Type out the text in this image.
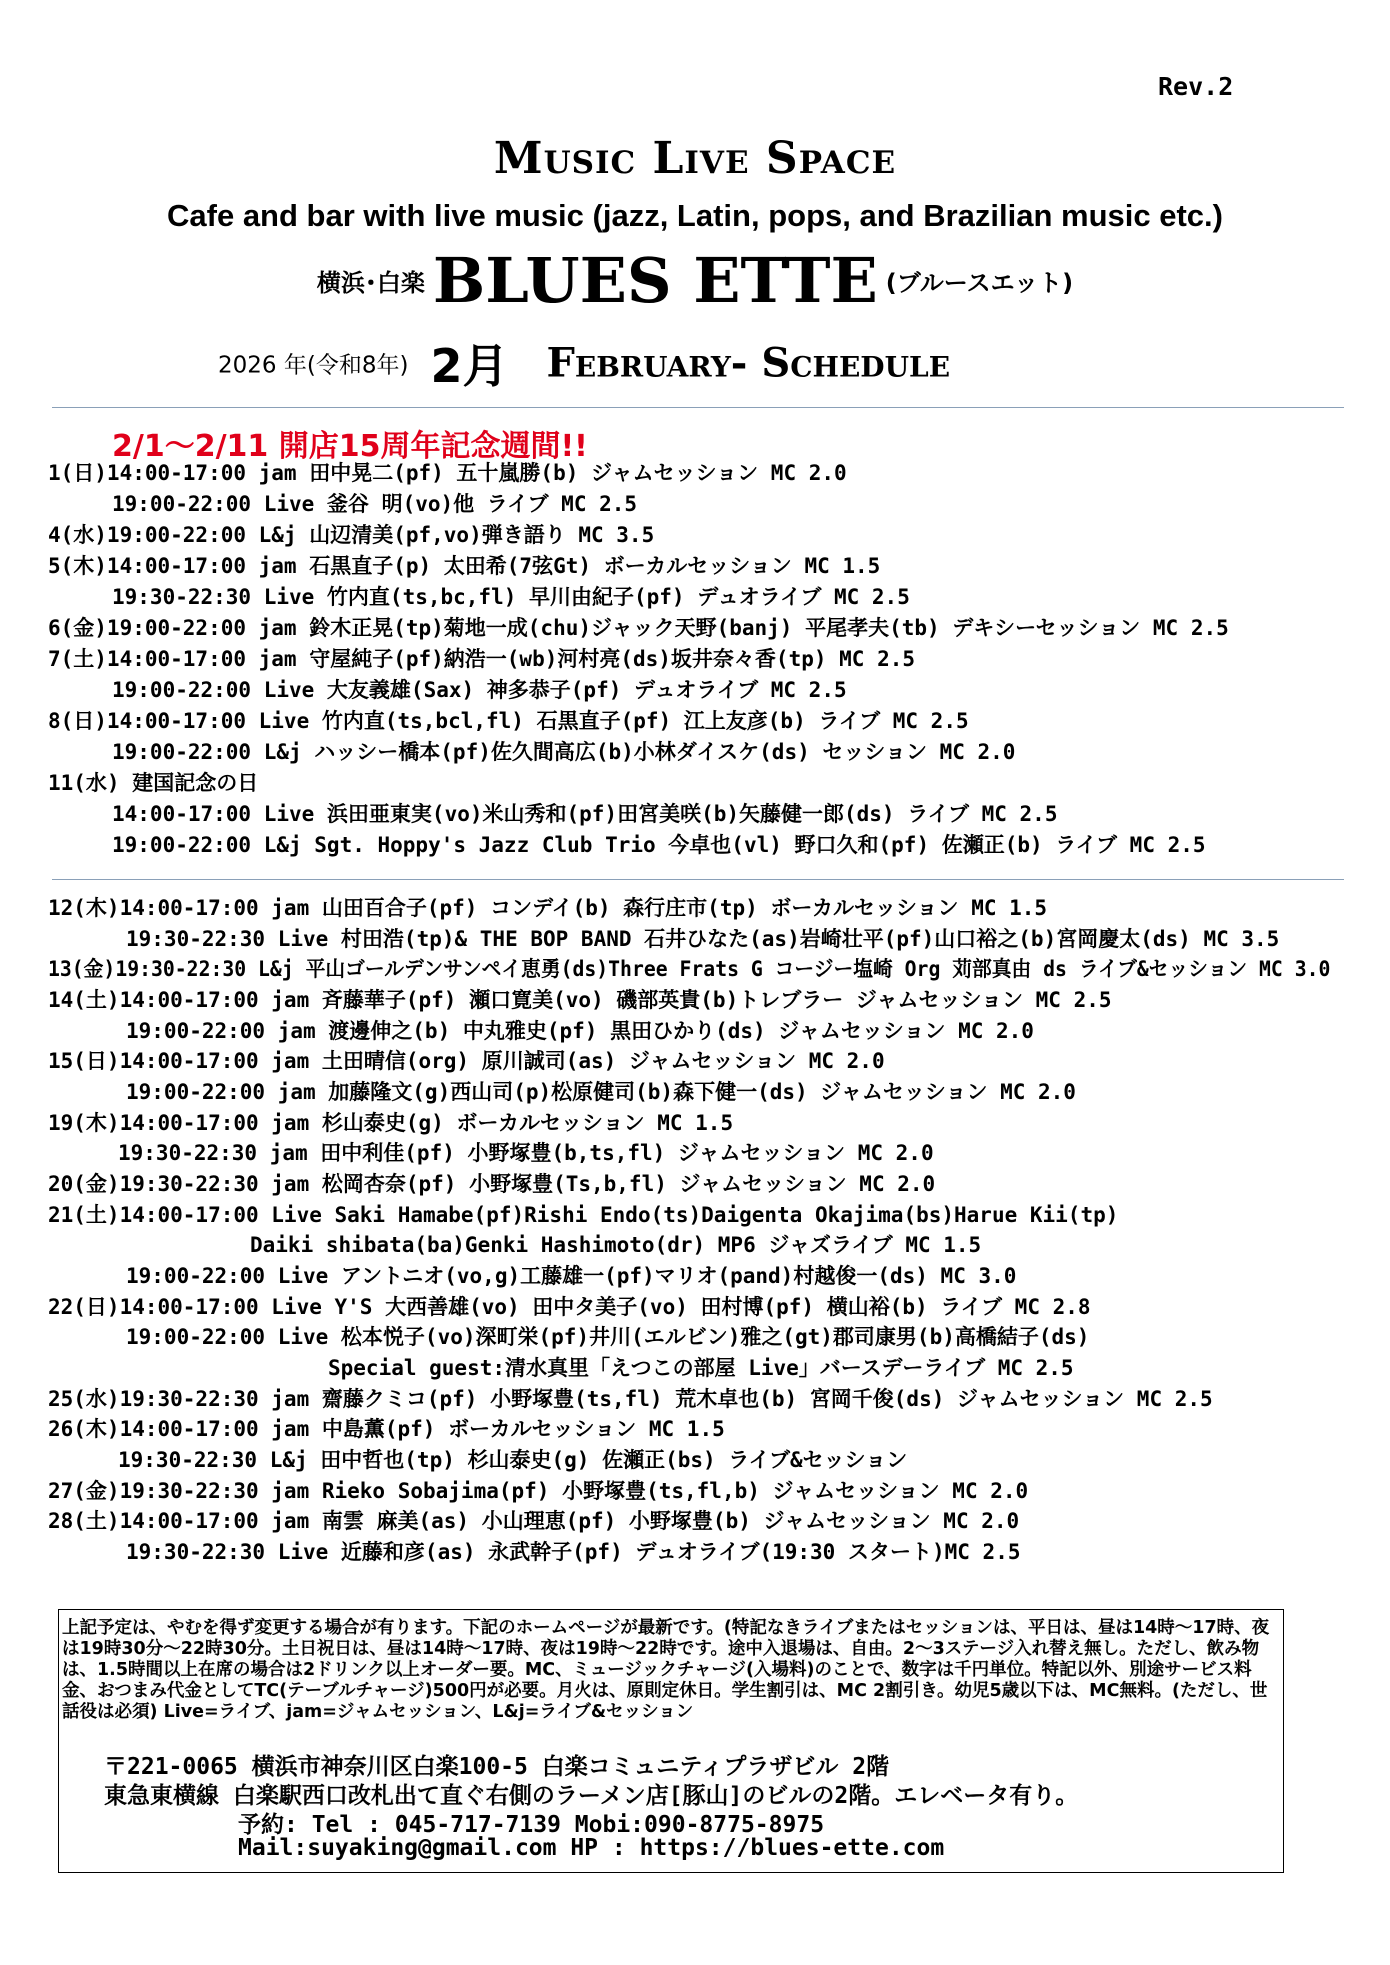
Rev.2
Music Live Space
Cafe and bar with live music (jazz, Latin, pops, and Brazilian music etc.)
横浜･白楽 BLUES ETTE (ブルースエット)
2026 年(令和8年) 2月 February- Schedule
2/1～2/11 開店15周年記念週間!!
1(日)14:00-17:00 jam 田中晃二(pf) 五十嵐勝(b) ジャムセッション MC 2.0
19:00-22:00 Live 釜谷 明(vo)他 ライブ MC 2.5
4(水)19:00-22:00 L&j 山辺清美(pf,vo)弾き語り MC 3.5
5(木)14:00-17:00 jam 石黒直子(p) 太田希(7弦Gt) ボーカルセッション MC 1.5
19:30-22:30 Live 竹内直(ts,bc,fl) 早川由紀子(pf) デュオライブ MC 2.5
6(金)19:00-22:00 jam 鈴木正晃(tp)菊地一成(chu)ジャック天野(banj) 平尾孝夫(tb) デキシーセッション MC 2.5
7(土)14:00-17:00 jam 守屋純子(pf)納浩一(wb)河村亮(ds)坂井奈々香(tp) MC 2.5
19:00-22:00 Live 大友義雄(Sax) 神多恭子(pf) デュオライブ MC 2.5
8(日)14:00-17:00 Live 竹内直(ts,bcl,fl) 石黒直子(pf) 江上友彦(b) ライブ MC 2.5
19:00-22:00 L&j ハッシー橋本(pf)佐久間高広(b)小林ダイスケ(ds) セッション MC 2.0
11(水) 建国記念の日
14:00-17:00 Live 浜田亜東実(vo)米山秀和(pf)田宮美咲(b)矢藤健一郎(ds) ライブ MC 2.5
19:00-22:00 L&j Sgt. Hoppy's Jazz Club Trio 今卓也(vl) 野口久和(pf) 佐瀬正(b) ライブ MC 2.5
12(木)14:00-17:00 jam 山田百合子(pf) コンデイ(b) 森行庄市(tp) ボーカルセッション MC 1.5
19:30-22:30 Live 村田浩(tp)& THE BOP BAND 石井ひなた(as)岩崎壮平(pf)山口裕之(b)宮岡慶太(ds) MC 3.5
13(金)19:30-22:30 L&j 平山ゴールデンサンペイ恵勇(ds)Three Frats G コージー塩崎 Org 苅部真由 ds ライブ&セッション MC 3.0
14(土)14:00-17:00 jam 斉藤華子(pf) 瀬口寛美(vo) 磯部英貴(b)トレブラー ジャムセッション MC 2.5
19:00-22:00 jam 渡邊伸之(b) 中丸雅史(pf) 黒田ひかり(ds) ジャムセッション MC 2.0
15(日)14:00-17:00 jam 土田晴信(org) 原川誠司(as) ジャムセッション MC 2.0
19:00-22:00 jam 加藤隆文(g)西山司(p)松原健司(b)森下健一(ds) ジャムセッション MC 2.0
19(木)14:00-17:00 jam 杉山泰史(g) ボーカルセッション MC 1.5
19:30-22:30 jam 田中利佳(pf) 小野塚豊(b,ts,fl) ジャムセッション MC 2.0
20(金)19:30-22:30 jam 松岡杏奈(pf) 小野塚豊(Ts,b,fl) ジャムセッション MC 2.0
21(土)14:00-17:00 Live Saki Hamabe(pf)Rishi Endo(ts)Daigenta Okajima(bs)Harue Kii(tp)
Daiki shibata(ba)Genki Hashimoto(dr) MP6 ジャズライブ MC 1.5
19:00-22:00 Live アントニオ(vo,g)工藤雄一(pf)マリオ(pand)村越俊一(ds) MC 3.0
22(日)14:00-17:00 Live Y'S 大西善雄(vo) 田中タ美子(vo) 田村博(pf) 横山裕(b) ライブ MC 2.8
19:00-22:00 Live 松本悦子(vo)深町栄(pf)井川(エルビン)雅之(gt)郡司康男(b)高橋結子(ds)
Special guest:清水真里「えつこの部屋 Live」バースデーライブ MC 2.5
25(水)19:30-22:30 jam 齋藤クミコ(pf) 小野塚豊(ts,fl) 荒木卓也(b) 宮岡千俊(ds) ジャムセッション MC 2.5
26(木)14:00-17:00 jam 中島薫(pf) ボーカルセッション MC 1.5
19:30-22:30 L&j 田中哲也(tp) 杉山泰史(g) 佐瀬正(bs) ライブ&セッション
27(金)19:30-22:30 jam Rieko Sobajima(pf) 小野塚豊(ts,fl,b) ジャムセッション MC 2.0
28(土)14:00-17:00 jam 南雲 麻美(as) 小山理恵(pf) 小野塚豊(b) ジャムセッション MC 2.0
19:30-22:30 Live 近藤和彦(as) 永武幹子(pf) デュオライブ(19:30 スタート)MC 2.5
上記予定は、やむを得ず変更する場合が有ります。下記のホームページが最新です。(特記なきライブまたはセッションは、平日は、昼は14時～17時、夜は19時30分～22時30分。土日祝日は、昼は14時～17時、夜は19時～22時です。途中入退場は、自由。2～3ステージ入れ替え無し。ただし、飲み物は、1.5時間以上在席の場合は2ドリンク以上オーダー要。MC、ミュージックチャージ(入場料)のことで、数字は千円単位。特記以外、別途サービス料金、おつまみ代金としてTC(テーブルチャージ)500円が必要。月火は、原則定休日。学生割引は、MC 2割引き。幼児5歳以下は、MC無料。(ただし、世話役は必須) Live=ライブ、jam=ジャムセッション、L&j=ライブ&セッション
〒221-0065 横浜市神奈川区白楽100-5 白楽コミュニティプラザビル 2階
東急東横線 白楽駅西口改札出て直ぐ右側のラーメン店[豚山]のビルの2階。エレベータ有り。
予約: Tel : 045-717-7139 Mobi:090-8775-8975
Mail:suyaking@gmail.com HP : https://blues-ette.com
